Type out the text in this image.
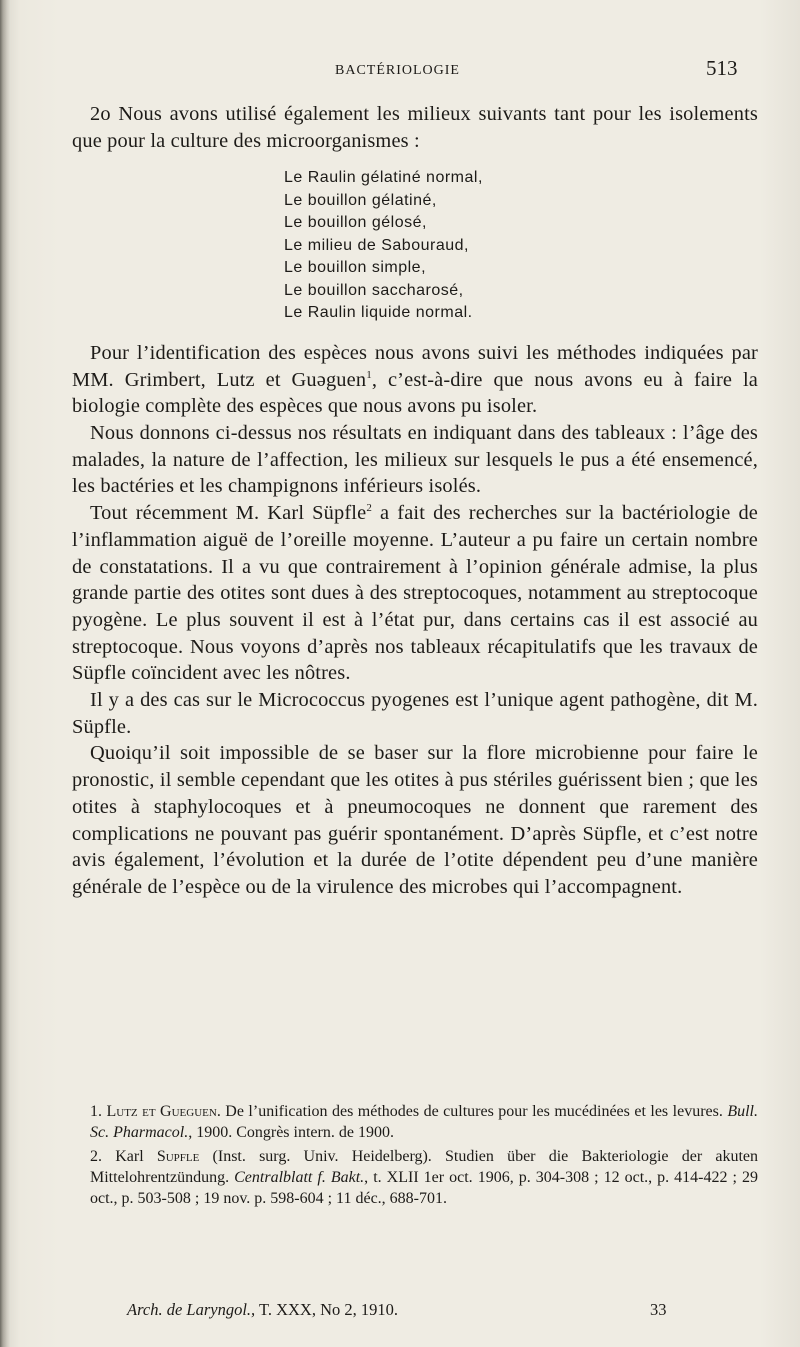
BACTÉRIOLOGIE	513

2o Nous avons utilisé également les milieux suivants tant pour les isolements que pour la culture des microorganismes :

Le Raulin gélatiné normal,
Le bouillon gélatiné,
Le bouillon gélosé,
Le milieu de Sabouraud,
Le bouillon simple,
Le bouillon saccharosé,
Le Raulin liquide normal.

Pour l’identification des espèces nous avons suivi les méthodes indiquées par MM. Grimbert, Lutz et Guəguen$^1$, c’est-à-dire que nous avons eu à faire la biologie complète des espèces que nous avons pu isoler.

Nous donnons ci-dessus nos résultats en indiquant dans des tableaux : l’âge des malades, la nature de l’affection, les milieux sur lesquels le pus a été ensemencé, les bactéries et les champignons inférieurs isolés.

Tout récemment M. Karl Süpfle$^2$ a fait des recherches sur la bactériologie de l’inflammation aiguë de l’oreille moyenne. L’auteur a pu faire un certain nombre de constatations. Il a vu que contrairement à l’opinion générale admise, la plus grande partie des otites sont dues à des streptocoques, notamment au streptocoque pyogène. Le plus souvent il est à l’état pur, dans certains cas il est associé au streptocoque. Nous voyons d’après nos tableaux récapitulatifs que les travaux de Süpfle coïncident avec les nôtres.

Il y a des cas sur le Micrococcus pyogenes est l’unique agent pathogène, dit M. Süpfle.

Quoiqu’il soit impossible de se baser sur la flore microbienne pour faire le pronostic, il semble cependant que les otites à pus stériles guérissent bien ; que les otites à staphylocoques et à pneumocoques ne donnent que rarement des complications ne pouvant pas guérir spontanément. D’après Süpfle, et c’est notre avis également, l’évolution et la durée de l’otite dépendent peu d’une manière générale de l’espèce ou de la virulence des microbes qui l’accompagnent.

1. Lutz et Gueguen. De l’unification des méthodes de cultures pour les mucédinées et les levures. Bull. Sc. Pharmacol., 1900. Congrès intern. de 1900.

2. Karl Supfle (Inst. surg. Univ. Heidelberg). Studien über die Bakteriologie der akuten Mittelohrentzündung. Centralblatt f. Bakt., t. XLII 1er oct. 1906, p. 304-308 ; 12 oct., p. 414-422 ; 29 oct., p. 503-508 ; 19 nov. p. 598-604 ; 11 déc., 688-701.

Arch. de Laryngol., T. XXX, No 2, 1910.	33
